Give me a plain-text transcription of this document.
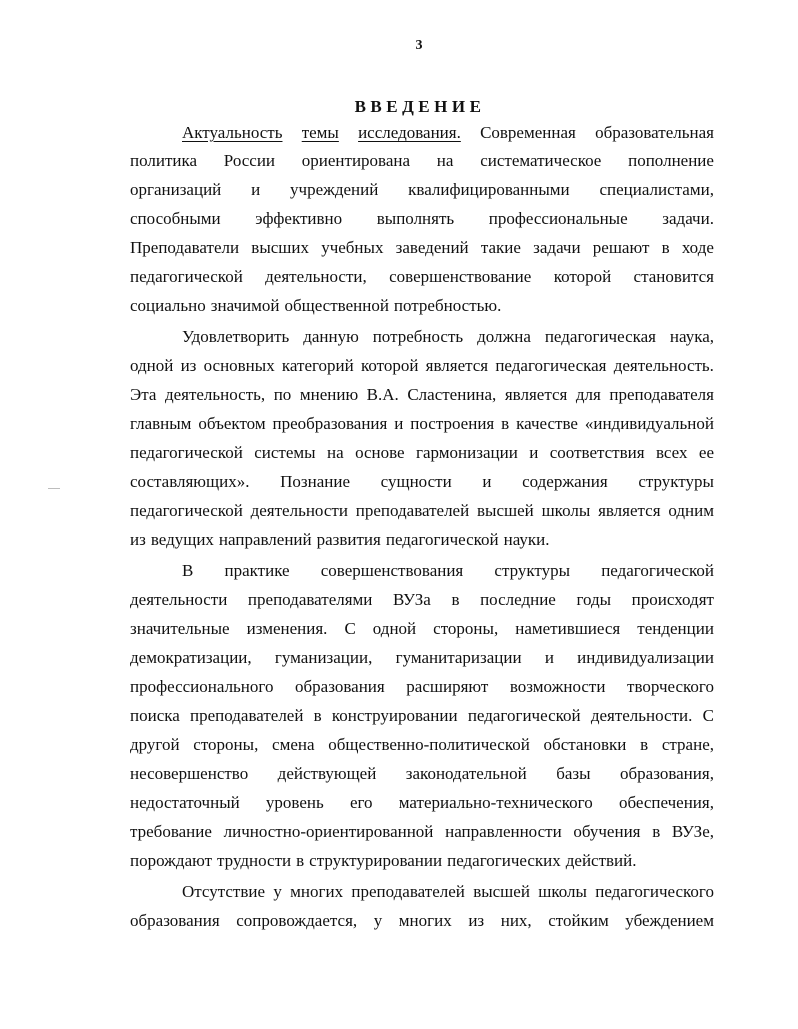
3
ВВЕДЕНИЕ
Актуальность темы исследования. Современная образовательная
политика России ориентирована на систематическое пополнение
организаций и учреждений квалифицированными специалистами,
способными эффективно выполнять профессиональные задачи.
Преподаватели высших учебных заведений такие задачи решают в ходе
педагогической деятельности, совершенствование которой становится
социально значимой общественной потребностью.
Удовлетворить данную потребность должна педагогическая наука,
одной из основных категорий которой является педагогическая деятельность.
Эта деятельность, по мнению В.А. Сластенина, является для преподавателя
главным объектом преобразования и построения в качестве «индивидуальной
педагогической системы на основе гармонизации и соответствия всех ее
составляющих». Познание сущности и содержания структуры
педагогической деятельности преподавателей высшей школы является одним
из ведущих направлений развития педагогической науки.
В практике совершенствования структуры педагогической
деятельности преподавателями ВУЗа в последние годы происходят
значительные изменения. С одной стороны, наметившиеся тенденции
демократизации, гуманизации, гуманитаризации и индивидуализации
профессионального образования расширяют возможности творческого
поиска преподавателей в конструировании педагогической деятельности. С
другой стороны, смена общественно-политической обстановки в стране,
несовершенство действующей законодательной базы образования,
недостаточный уровень его материально-технического обеспечения,
требование личностно-ориентированной направленности обучения в ВУЗе,
порождают трудности в структурировании педагогических действий.
Отсутствие у многих преподавателей высшей школы педагогического
образования сопровождается, у многих из них, стойким убеждением
